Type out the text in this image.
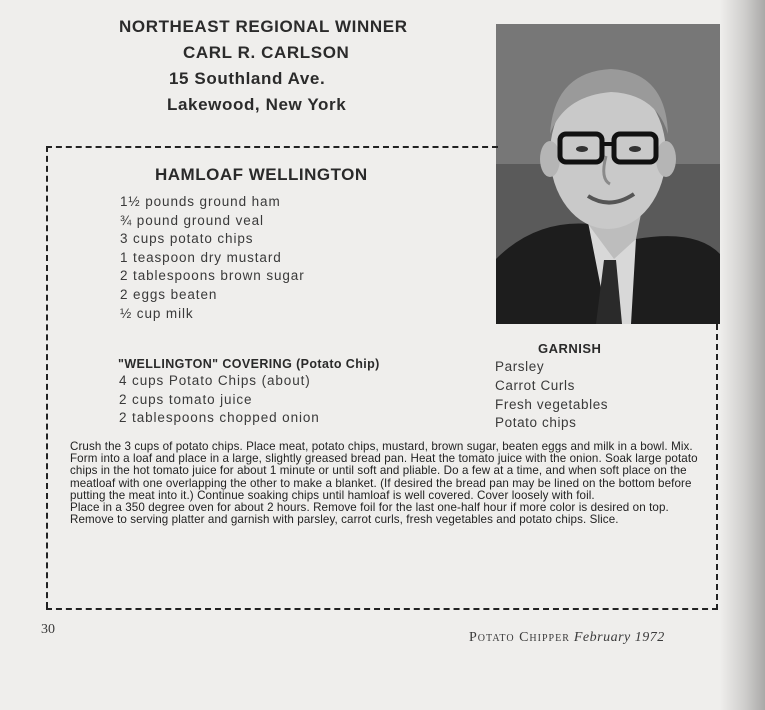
NORTHEAST REGIONAL WINNER
CARL R. CARLSON
15 Southland Ave.
Lakewood, New York
HAMLOAF WELLINGTON
1½ pounds ground ham
¾ pound ground veal
3 cups potato chips
1 teaspoon dry mustard
2 tablespoons brown sugar
2 eggs beaten
½ cup milk
"WELLINGTON" COVERING (Potato Chip)
4 cups Potato Chips (about)
2 cups tomato juice
2 tablespoons chopped onion
GARNISH
Parsley
Carrot Curls
Fresh vegetables
Potato chips

Crush the 3 cups of potato chips. Place meat, potato chips, mustard, brown sugar, beaten eggs and milk in a bowl. Mix. Form into a loaf and place in a large, slightly greased bread pan. Heat the tomato juice with the onion. Soak large potato chips in the hot tomato juice for about 1 minute or until soft and pliable. Do a few at a time, and when soft place on the meatloaf with one overlapping the other to make a blanket. (If desired the bread pan may be lined on the bottom before putting the meat into it.) Continue soaking chips until hamloaf is well covered. Cover loosely with foil.

Place in a 350 degree oven for about 2 hours. Remove foil for the last one-half hour if more color is desired on top.

Remove to serving platter and garnish with parsley, carrot curls, fresh vegetables and potato chips. Slice.

30
Potato Chipper February 1972
